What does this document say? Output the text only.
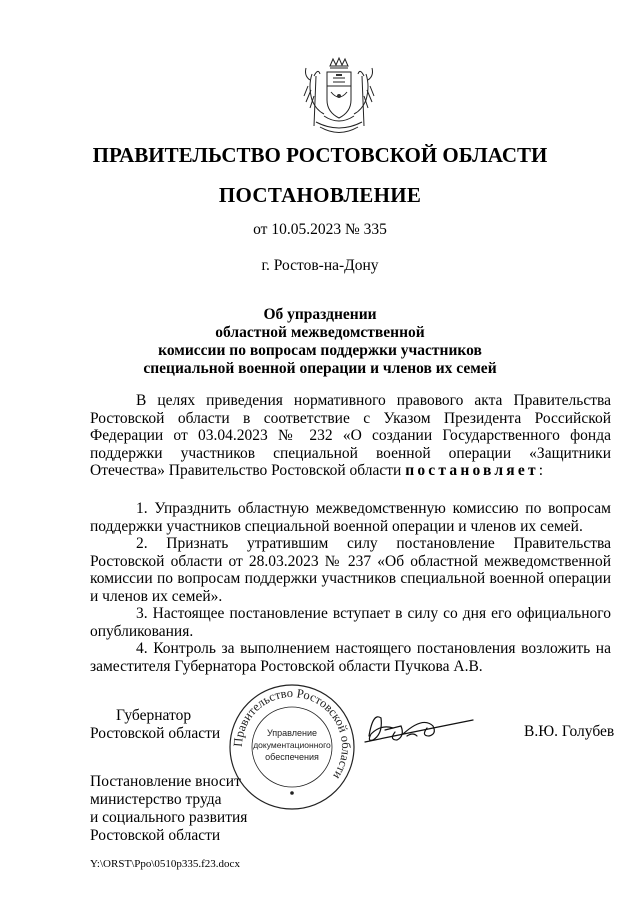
ПРАВИТЕЛЬСТВО РОСТОВСКОЙ ОБЛАСТИ
ПОСТАНОВЛЕНИЕ
от 10.05.2023 № 335
г. Ростов-на-Дону
Об упразднении
областной межведомственной
комиссии по вопросам поддержки участников
специальной военной операции и членов их семей
В целях приведения нормативного правового акта Правительства Ростовской области в соответствие с Указом Президента Российской Федерации от 03.04.2023 № 232 «О создании Государственного фонда поддержки участников специальной военной операции «Защитники Отечества» Правительство Ростовской области постановляет:

1. Упразднить областную межведомственную комиссию по вопросам поддержки участников специальной военной операции и членов их семей.

2. Признать утратившим силу постановление Правительства Ростовской области от 28.03.2023 № 237 «Об областной межведомственной комиссии по вопросам поддержки участников специальной военной операции и членов их семей».

3. Настоящее постановление вступает в силу со дня его официального опубликования.

4. Контроль за выполнением настоящего постановления возложить на заместителя Губернатора Ростовской области Пучкова А.В.

Губернатор
Ростовской области
Правительство Ростовской области
Управление
документационного
обеспечения
В.Ю. Голубев
Постановление вносит
министерство труда
и социального развития
Ростовской области
Y:\ORST\Ppo\0510p335.f23.docx
